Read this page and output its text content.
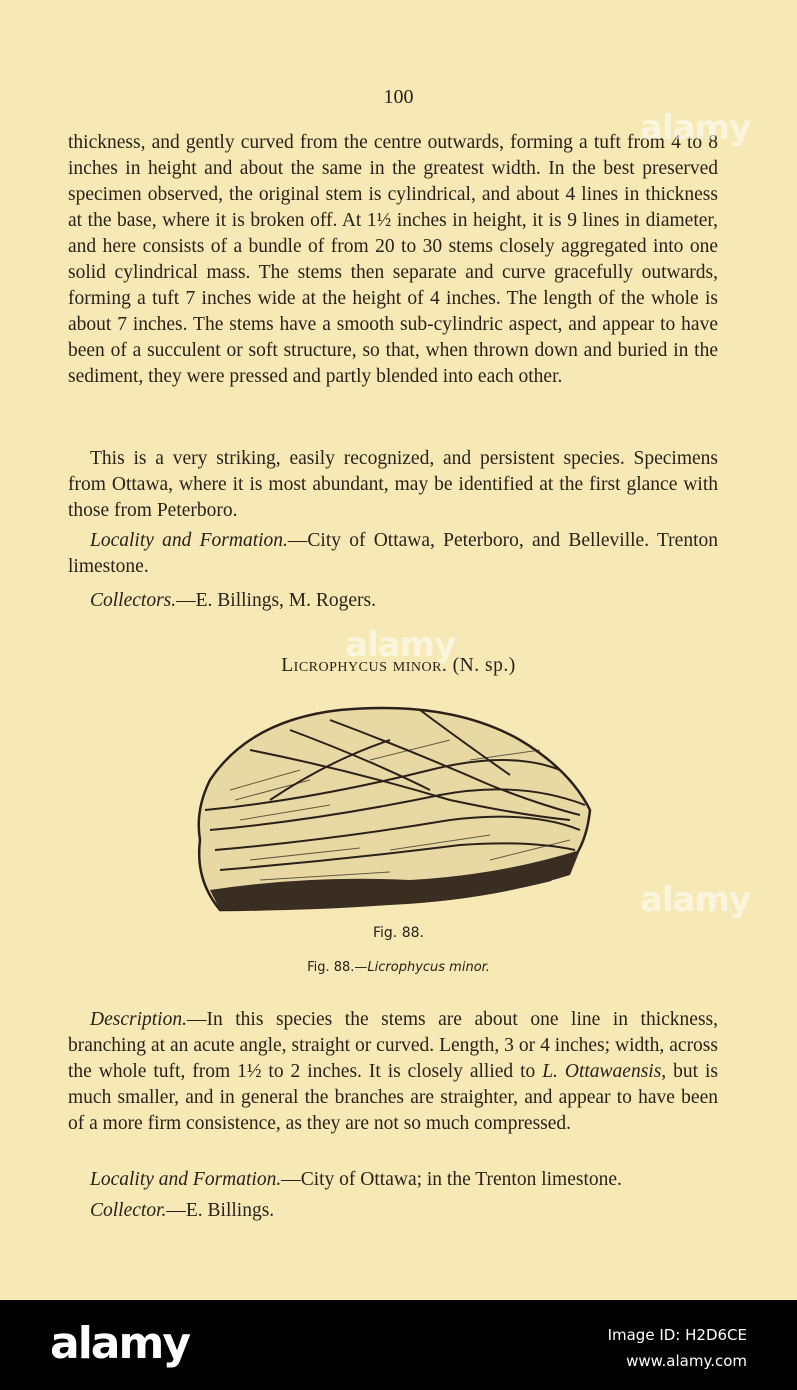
100
thickness, and gently curved from the centre outwards, forming a tuft from 4 to 8 inches in height and about the same in the greatest width. In the best preserved specimen observed, the original stem is cylindrical, and about 4 lines in thickness at the base, where it is broken off. At 1½ inches in height, it is 9 lines in diameter, and here consists of a bundle of from 20 to 30 stems closely aggregated into one solid cylindrical mass. The stems then separate and curve gracefully outwards, forming a tuft 7 inches wide at the height of 4 inches. The length of the whole is about 7 inches. The stems have a smooth sub-cylindric aspect, and appear to have been of a succulent or soft structure, so that, when thrown down and buried in the sediment, they were pressed and partly blended into each other.
This is a very striking, easily recognized, and persistent species. Specimens from Ottawa, where it is most abundant, may be identified at the first glance with those from Peterboro.
Locality and Formation.—City of Ottawa, Peterboro, and Belleville. Trenton limestone.
Collectors.—E. Billings, M. Rogers.
Licrophycus minor. (N. sp.)
Fig. 88.
Fig. 88.—Licrophycus minor.
Description.—In this species the stems are about one line in thickness, branching at an acute angle, straight or curved. Length, 3 or 4 inches; width, across the whole tuft, from 1½ to 2 inches. It is closely allied to L. Ottawaensis, but is much smaller, and in general the branches are straighter, and appear to have been of a more firm consistence, as they are not so much compressed.
Locality and Formation.—City of Ottawa; in the Trenton limestone.
Collector.—E. Billings.
alamy
alamy
alamy
alamy	Image ID: H2D6CE
www.alamy.com
